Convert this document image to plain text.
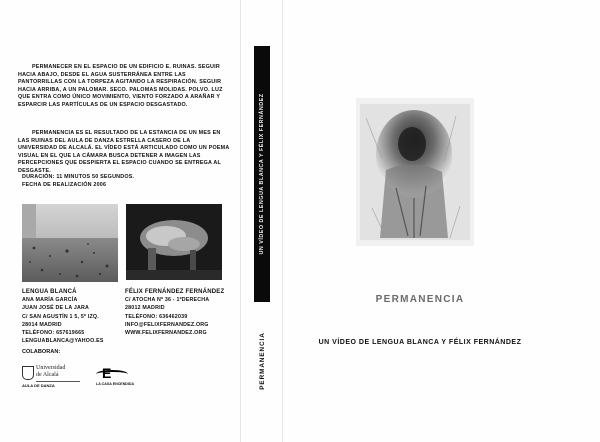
PERMANECER EN EL ESPACIO DE UN EDIFICIO E. RUINAS. SEGUIR HACIA ABAJO, DESDE EL AGUA SUSTERRÁNEA ENTRE LAS PANTORRILLAS CON LA TORPEZA AGITANDO LA RESPIRACIÓN. SEGUIR HACIA ARRIBA, A UN PALOMAR. SECO. PALOMAS MOLIDAS. POLVO. LUZ QUE ENTRA COMO ÚNICO MOVIMIENTO, VIENTO FORZADO A ARAÑAR Y ESPARCIR LAS PARTÍCULAS DE UN ESPACIO DESGASTADO.

PERMANENCIA ES EL RESULTADO DE LA ESTANCIA DE UN MES EN LAS RUINAS DEL AULA DE DANZA ESTRELLA CASERO DE LA UNIVERSIDAD DE ALCALÁ. EL VÍDEO ESTÁ ARTICULADO COMO UN POEMA VISUAL EN EL QUE LA CÁMARA BUSCA DETENER A IMAGEN LAS PERCEPCIONES QUE DESPIERTA EL ESPACIO CUANDO SE ENTREGA AL DESGASTE.

DURACIÓN: 11 MINUTOS 50 SEGUNDOS.
FECHA DE REALIZACIÓN 2006
LENGUA BLANCÁ
ANA MARÍA GARCÍA
JUAN JOSÉ DE LA JARA
C/ SAN AGUSTÍN 1 5, 5º IZQ.
28014 MADRID
TELÉFONO: 657619665
LENGUABLANCA@YAHOO.ES
FÉLIX FERNÁNDEZ FERNÁNDEZ
C/ ATOCHA Nº 36 - 1ºDERECHA
28012 MADRID
TELÉFONO: 636462039
INFO@FELIXFERNANDEZ.ORG
WWW.FELIXFERNANDEZ.ORG
COLABORAN:
Universidad
de Alcalá
AULA DE DANZA
E
LA CASA ENCENDIDA
UN VÍDEO DE LENGUA BLANCA Y FÉLIX FERNÁNDEZ
PERMANENCIA
PERMANENCIA
UN VÍDEO DE LENGUA BLANCA Y FÉLIX FERNÁNDEZ
